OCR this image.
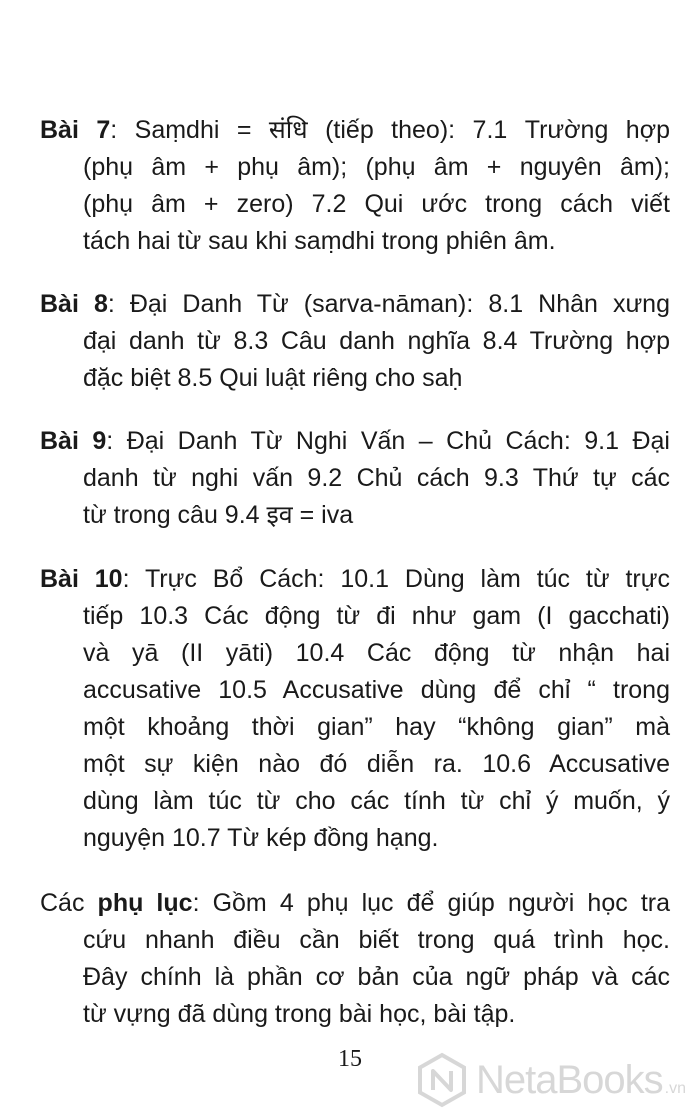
Bài 7: Saṃdhi = संधि (tiếp theo): 7.1 Trường hợp
(phụ âm + phụ âm); (phụ âm + nguyên âm);
(phụ âm + zero) 7.2 Qui ước trong cách viết
tách hai từ sau khi saṃdhi trong phiên âm.
Bài 8: Đại Danh Từ (sarva-nāman): 8.1 Nhân xưng
đại danh từ 8.3 Câu danh nghĩa 8.4 Trường hợp
đặc biệt 8.5 Qui luật riêng cho saḥ
Bài 9: Đại Danh Từ Nghi Vấn – Chủ Cách: 9.1 Đại
danh từ nghi vấn 9.2 Chủ cách 9.3 Thứ tự các
từ trong câu 9.4 इव = iva
Bài 10: Trực Bổ Cách: 10.1 Dùng làm túc từ trực
tiếp 10.3 Các động từ đi như gam (I gacchati)
và yā (II yāti) 10.4 Các động từ nhận hai
accusative 10.5 Accusative dùng để chỉ “ trong
một khoảng thời gian” hay “không gian” mà
một sự kiện nào đó diễn ra. 10.6 Accusative
dùng làm túc từ cho các tính từ chỉ ý muốn, ý
nguyện 10.7 Từ kép đồng hạng.
Các phụ lục: Gồm 4 phụ lục để giúp người học tra
cứu nhanh điều cần biết trong quá trình học.
Đây chính là phần cơ bản của ngữ pháp và các
từ vựng đã dùng trong bài học, bài tập.
15	NetaBooks .vn
